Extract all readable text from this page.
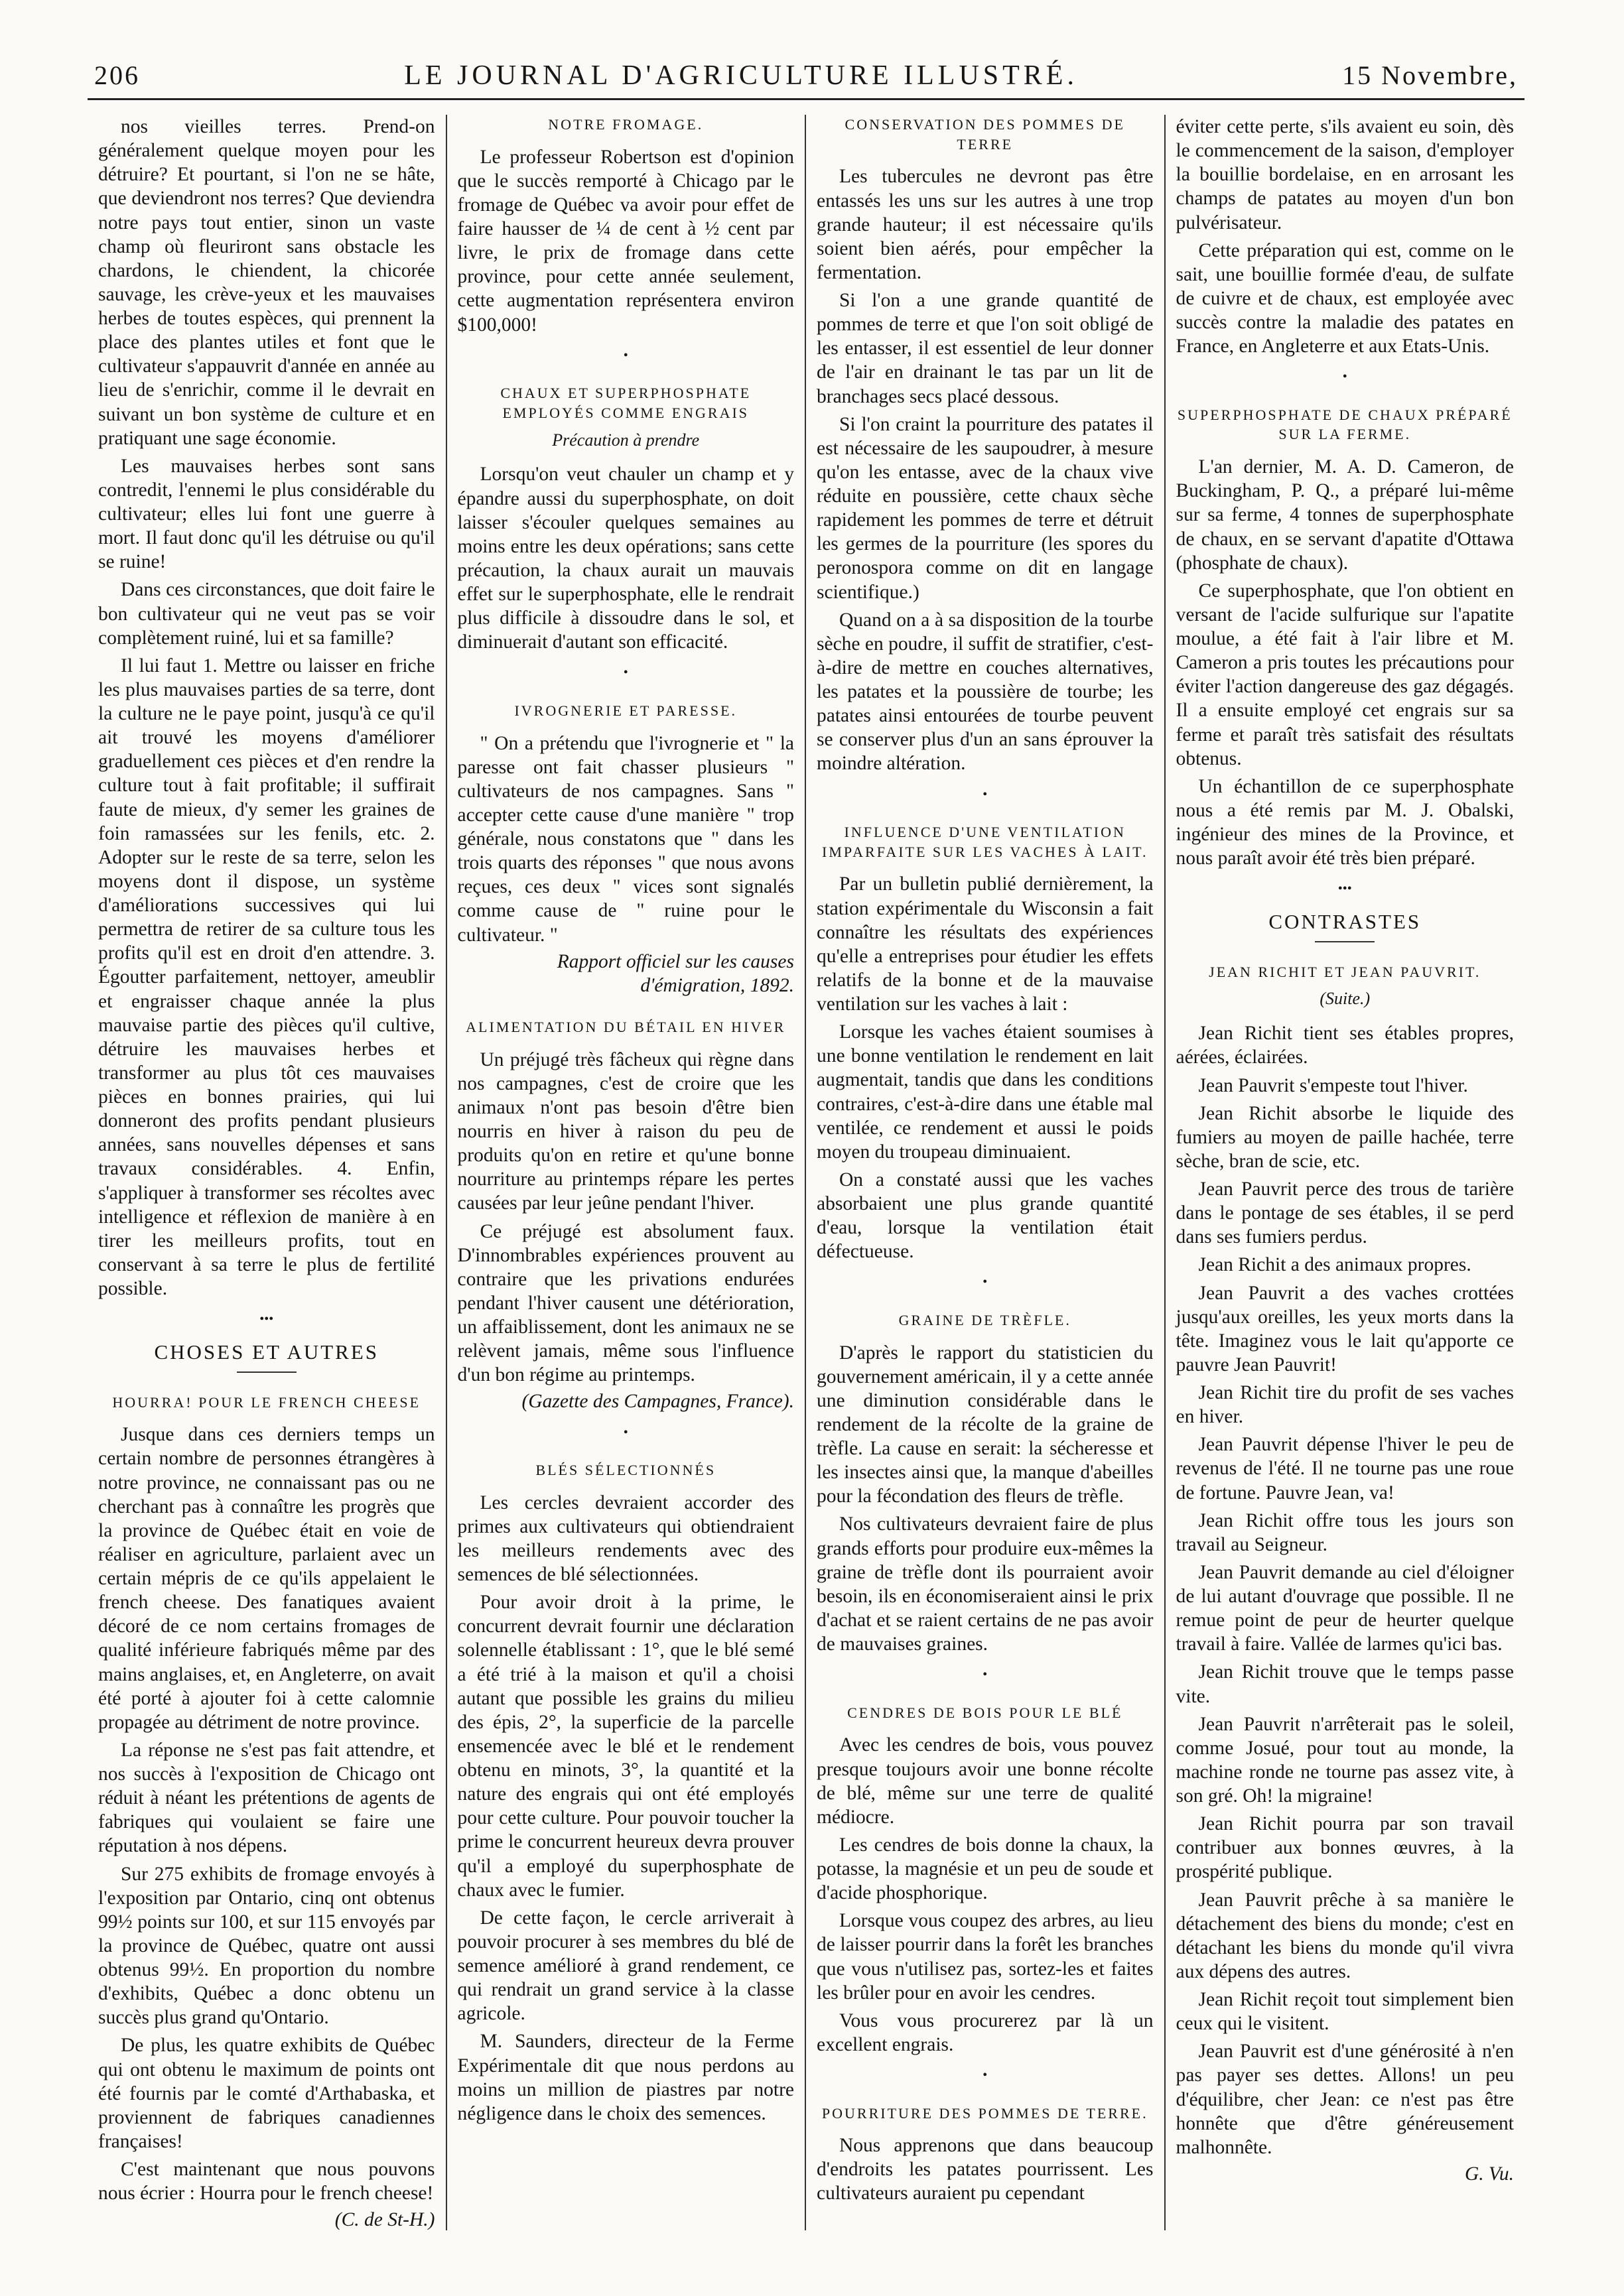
206	LE JOURNAL D'AGRICULTURE ILLUSTRÉ.	15 Novembre,

nos vieilles terres. Prend-on généralement quelque moyen pour les détruire? Et pourtant, si l'on ne se hâte, que deviendront nos terres? Que deviendra notre pays tout entier, sinon un vaste champ où fleuriront sans obstacle les chardons, le chiendent, la chicorée sauvage, les crève-yeux et les mauvaises herbes de toutes espèces, qui prennent la place des plantes utiles et font que le cultivateur s'appauvrit d'année en année au lieu de s'enrichir, comme il le devrait en suivant un bon système de culture et en pratiquant une sage économie.

Les mauvaises herbes sont sans contredit, l'ennemi le plus considérable du cultivateur; elles lui font une guerre à mort. Il faut donc qu'il les détruise ou qu'il se ruine!

Dans ces circonstances, que doit faire le bon cultivateur qui ne veut pas se voir complètement ruiné, lui et sa famille?

Il lui faut 1. Mettre ou laisser en friche les plus mauvaises parties de sa terre, dont la culture ne le paye point, jusqu'à ce qu'il ait trouvé les moyens d'améliorer graduellement ces pièces et d'en rendre la culture tout à fait profitable; il suffirait faute de mieux, d'y semer les graines de foin ramassées sur les fenils, etc. 2. Adopter sur le reste de sa terre, selon les moyens dont il dispose, un système d'améliorations successives qui lui permettra de retirer de sa culture tous les profits qu'il est en droit d'en attendre. 3. Égoutter parfaitement, nettoyer, ameublir et engraisser chaque année la plus mauvaise partie des pièces qu'il cultive, détruire les mauvaises herbes et transformer au plus tôt ces mauvaises pièces en bonnes prairies, qui lui donneront des profits pendant plusieurs années, sans nouvelles dépenses et sans travaux considérables. 4. Enfin, s'appliquer à transformer ses récoltes avec intelligence et réflexion de manière à en tirer les meilleurs profits, tout en conservant à sa terre le plus de fertilité possible.

•••
CHOSES ET AUTRES
HOURRA! POUR LE FRENCH CHEESE

Jusque dans ces derniers temps un certain nombre de personnes étrangères à notre province, ne connaissant pas ou ne cherchant pas à connaître les progrès que la province de Québec était en voie de réaliser en agriculture, parlaient avec un certain mépris de ce qu'ils appelaient le french cheese. Des fanatiques avaient décoré de ce nom certains fromages de qualité inférieure fabriqués même par des mains anglaises, et, en Angleterre, on avait été porté à ajouter foi à cette calomnie propagée au détriment de notre province.

La réponse ne s'est pas fait attendre, et nos succès à l'exposition de Chicago ont réduit à néant les prétentions de agents de fabriques qui voulaient se faire une réputation à nos dépens.

Sur 275 exhibits de fromage envoyés à l'exposition par Ontario, cinq ont obtenus 99½ points sur 100, et sur 115 envoyés par la province de Québec, quatre ont aussi obtenus 99½. En proportion du nombre d'exhibits, Québec a donc obtenu un succès plus grand qu'Ontario.

De plus, les quatre exhibits de Québec qui ont obtenu le maximum de points ont été fournis par le comté d'Arthabaska, et proviennent de fabriques canadiennes françaises!

C'est maintenant que nous pouvons nous écrier : Hourra pour le french cheese!

(C. de St-H.)
NOTRE FROMAGE.

Le professeur Robertson est d'opinion que le succès remporté à Chicago par le fromage de Québec va avoir pour effet de faire hausser de ¼ de cent à ½ cent par livre, le prix de fromage dans cette province, pour cette année seulement, cette augmentation représentera environ $100,000!

•
CHAUX ET SUPERPHOSPHATE EMPLOYÉS COMME ENGRAIS
Précaution à prendre

Lorsqu'on veut chauler un champ et y épandre aussi du superphosphate, on doit laisser s'écouler quelques semaines au moins entre les deux opérations; sans cette précaution, la chaux aurait un mauvais effet sur le superphosphate, elle le rendrait plus difficile à dissoudre dans le sol, et diminuerait d'autant son efficacité.

•
IVROGNERIE ET PARESSE.

" On a prétendu que l'ivrognerie et " la paresse ont fait chasser plusieurs " cultivateurs de nos campagnes. Sans " accepter cette cause d'une manière " trop générale, nous constatons que " dans les trois quarts des réponses " que nous avons reçues, ces deux " vices sont signalés comme cause de " ruine pour le cultivateur. "

Rapport officiel sur les causes d'émigration, 1892.
ALIMENTATION DU BÉTAIL EN HIVER

Un préjugé très fâcheux qui règne dans nos campagnes, c'est de croire que les animaux n'ont pas besoin d'être bien nourris en hiver à raison du peu de produits qu'on en retire et qu'une bonne nourriture au printemps répare les pertes causées par leur jeûne pendant l'hiver.

Ce préjugé est absolument faux. D'innombrables expériences prouvent au contraire que les privations endurées pendant l'hiver causent une détérioration, un affaiblissement, dont les animaux ne se relèvent jamais, même sous l'influence d'un bon régime au printemps.

(Gazette des Campagnes, France).
•
BLÉS SÉLECTIONNÉS

Les cercles devraient accorder des primes aux cultivateurs qui obtiendraient les meilleurs rendements avec des semences de blé sélectionnées.

Pour avoir droit à la prime, le concurrent devrait fournir une déclaration solennelle établissant : 1°, que le blé semé a été trié à la maison et qu'il a choisi autant que possible les grains du milieu des épis, 2°, la superficie de la parcelle ensemencée avec le blé et le rendement obtenu en minots, 3°, la quantité et la nature des engrais qui ont été employés pour cette culture. Pour pouvoir toucher la prime le concurrent heureux devra prouver qu'il a employé du superphosphate de chaux avec le fumier.

De cette façon, le cercle arriverait à pouvoir procurer à ses membres du blé de semence amélioré à grand rendement, ce qui rendrait un grand service à la classe agricole.

M. Saunders, directeur de la Ferme Expérimentale dit que nous perdons au moins un million de piastres par notre négligence dans le choix des semences.

CONSERVATION DES POMMES DE TERRE

Les tubercules ne devront pas être entassés les uns sur les autres à une trop grande hauteur; il est nécessaire qu'ils soient bien aérés, pour empêcher la fermentation.

Si l'on a une grande quantité de pommes de terre et que l'on soit obligé de les entasser, il est essentiel de leur donner de l'air en drainant le tas par un lit de branchages secs placé dessous.

Si l'on craint la pourriture des patates il est nécessaire de les saupoudrer, à mesure qu'on les entasse, avec de la chaux vive réduite en poussière, cette chaux sèche rapidement les pommes de terre et détruit les germes de la pourriture (les spores du peronospora comme on dit en langage scientifique.)

Quand on a à sa disposition de la tourbe sèche en poudre, il suffit de stratifier, c'est-à-dire de mettre en couches alternatives, les patates et la poussière de tourbe; les patates ainsi entourées de tourbe peuvent se conserver plus d'un an sans éprouver la moindre altération.

•
INFLUENCE D'UNE VENTILATION IMPARFAITE SUR LES VACHES À LAIT.

Par un bulletin publié dernièrement, la station expérimentale du Wisconsin a fait connaître les résultats des expériences qu'elle a entreprises pour étudier les effets relatifs de la bonne et de la mauvaise ventilation sur les vaches à lait :

Lorsque les vaches étaient soumises à une bonne ventilation le rendement en lait augmentait, tandis que dans les conditions contraires, c'est-à-dire dans une étable mal ventilée, ce rendement et aussi le poids moyen du troupeau diminuaient.

On a constaté aussi que les vaches absorbaient une plus grande quantité d'eau, lorsque la ventilation était défectueuse.

•
GRAINE DE TRÈFLE.

D'après le rapport du statisticien du gouvernement américain, il y a cette année une diminution considérable dans le rendement de la récolte de la graine de trèfle. La cause en serait: la sécheresse et les insectes ainsi que, la manque d'abeilles pour la fécondation des fleurs de trèfle.

Nos cultivateurs devraient faire de plus grands efforts pour produire eux-mêmes la graine de trèfle dont ils pourraient avoir besoin, ils en économiseraient ainsi le prix d'achat et se raient certains de ne pas avoir de mauvaises graines.

•
CENDRES DE BOIS POUR LE BLÉ

Avec les cendres de bois, vous pouvez presque toujours avoir une bonne récolte de blé, même sur une terre de qualité médiocre.

Les cendres de bois donne la chaux, la potasse, la magnésie et un peu de soude et d'acide phosphorique.

Lorsque vous coupez des arbres, au lieu de laisser pourrir dans la forêt les branches que vous n'utilisez pas, sortez-les et faites les brûler pour en avoir les cendres.

Vous vous procurerez par là un excellent engrais.

•
POURRITURE DES POMMES DE TERRE.

Nous apprenons que dans beaucoup d'endroits les patates pourrissent. Les cultivateurs auraient pu cependant

éviter cette perte, s'ils avaient eu soin, dès le commencement de la saison, d'employer la bouillie bordelaise, en en arrosant les champs de patates au moyen d'un bon pulvérisateur.

Cette préparation qui est, comme on le sait, une bouillie formée d'eau, de sulfate de cuivre et de chaux, est employée avec succès contre la maladie des patates en France, en Angleterre et aux Etats-Unis.

•
SUPERPHOSPHATE DE CHAUX PRÉPARÉ SUR LA FERME.

L'an dernier, M. A. D. Cameron, de Buckingham, P. Q., a préparé lui-même sur sa ferme, 4 tonnes de superphosphate de chaux, en se servant d'apatite d'Ottawa (phosphate de chaux).

Ce superphosphate, que l'on obtient en versant de l'acide sulfurique sur l'apatite moulue, a été fait à l'air libre et M. Cameron a pris toutes les précautions pour éviter l'action dangereuse des gaz dégagés. Il a ensuite employé cet engrais sur sa ferme et paraît très satisfait des résultats obtenus.

Un échantillon de ce superphosphate nous a été remis par M. J. Obalski, ingénieur des mines de la Province, et nous paraît avoir été très bien préparé.

•••
CONTRASTES
JEAN RICHIT ET JEAN PAUVRIT.
(Suite.)

Jean Richit tient ses étables propres, aérées, éclairées.

Jean Pauvrit s'empeste tout l'hiver.

Jean Richit absorbe le liquide des fumiers au moyen de paille hachée, terre sèche, bran de scie, etc.

Jean Pauvrit perce des trous de tarière dans le pontage de ses étables, il se perd dans ses fumiers perdus.

Jean Richit a des animaux propres.

Jean Pauvrit a des vaches crottées jusqu'aux oreilles, les yeux morts dans la tête. Imaginez vous le lait qu'apporte ce pauvre Jean Pauvrit!

Jean Richit tire du profit de ses vaches en hiver.

Jean Pauvrit dépense l'hiver le peu de revenus de l'été. Il ne tourne pas une roue de fortune. Pauvre Jean, va!

Jean Richit offre tous les jours son travail au Seigneur.

Jean Pauvrit demande au ciel d'éloigner de lui autant d'ouvrage que possible. Il ne remue point de peur de heurter quelque travail à faire. Vallée de larmes qu'ici bas.

Jean Richit trouve que le temps passe vite.

Jean Pauvrit n'arrêterait pas le soleil, comme Josué, pour tout au monde, la machine ronde ne tourne pas assez vite, à son gré. Oh! la migraine!

Jean Richit pourra par son travail contribuer aux bonnes œuvres, à la prospérité publique.

Jean Pauvrit prêche à sa manière le détachement des biens du monde; c'est en détachant les biens du monde qu'il vivra aux dépens des autres.

Jean Richit reçoit tout simplement bien ceux qui le visitent.

Jean Pauvrit est d'une générosité à n'en pas payer ses dettes. Allons! un peu d'équilibre, cher Jean: ce n'est pas être honnête que d'être généreusement malhonnête.

G. Vu.
